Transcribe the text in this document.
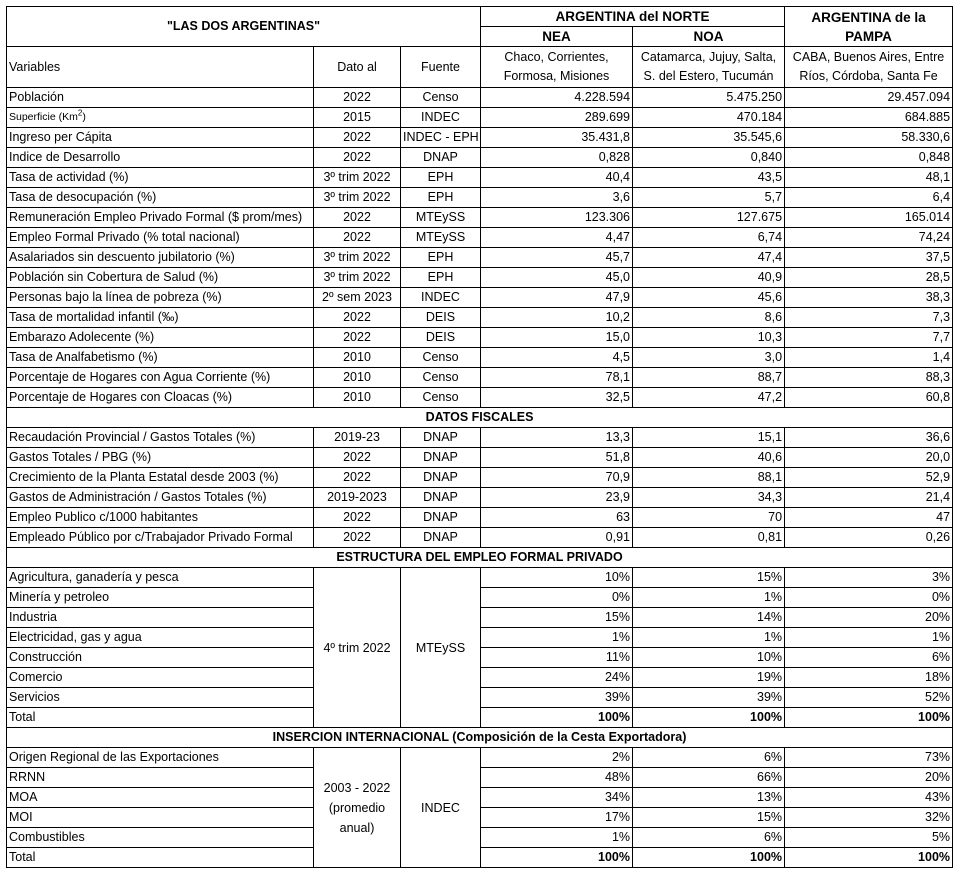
"LAS DOS ARGENTINAS"			ARGENTINA del NORTE		ARGENTINA de la PAMPA
			NEA	NOA	
Variables	Dato al	Fuente	Chaco, Corrientes, Formosa, Misiones	Catamarca, Jujuy, Salta, S. del Estero, Tucumán	CABA, Buenos Aires, Entre Ríos, Córdoba, Santa Fe
Población	2022	Censo	4.228.594	5.475.250	29.457.094
Superficie (Km$^2$)	2015	INDEC	289.699	470.184	684.885
Ingreso per Cápita	2022	INDEC - EPH	35.431,8	35.545,6	58.330,6
Indice de Desarrollo	2022	DNAP	0,828	0,840	0,848
Tasa de actividad (%)	3º trim 2022	EPH	40,4	43,5	48,1
Tasa de desocupación (%)	3º trim 2022	EPH	3,6	5,7	6,4
Remuneración Empleo Privado Formal ($ prom/mes)	2022	MTEySS	123.306	127.675	165.014
Empleo Formal Privado (% total nacional)	2022	MTEySS	4,47	6,74	74,24
Asalariados sin descuento jubilatorio (%)	3º trim 2022	EPH	45,7	47,4	37,5
Población sin Cobertura de Salud (%)	3º trim 2022	EPH	45,0	40,9	28,5
Personas bajo la línea de pobreza (%)	2º sem 2023	INDEC	47,9	45,6	38,3
Tasa de mortalidad infantil (‰)	2022	DEIS	10,2	8,6	7,3
Embarazo Adolecente (%)	2022	DEIS	15,0	10,3	7,7
Tasa de Analfabetismo (%)	2010	Censo	4,5	3,0	1,4
Porcentaje de Hogares con Agua Corriente (%)	2010	Censo	78,1	88,7	88,3
Porcentaje de Hogares con Cloacas (%)	2010	Censo	32,5	47,2	60,8
DATOS FISCALES					
Recaudación Provincial / Gastos Totales (%)	2019-23	DNAP	13,3	15,1	36,6
Gastos Totales / PBG (%)	2022	DNAP	51,8	40,6	20,0
Crecimiento de la Planta Estatal desde 2003 (%)	2022	DNAP	70,9	88,1	52,9
Gastos de Administración / Gastos Totales (%)	2019-2023	DNAP	23,9	34,3	21,4
Empleo Publico c/1000 habitantes	2022	DNAP	63	70	47
Empleado Público por c/Trabajador Privado Formal	2022	DNAP	0,91	0,81	0,26
ESTRUCTURA DEL EMPLEO FORMAL PRIVADO					
Agricultura, ganadería y pesca	4º trim 2022	MTEySS	10%	15%	3%
Minería y petroleo			0%	1%	0%
Industria			15%	14%	20%
Electricidad, gas y agua			1%	1%	1%
Construcción			11%	10%	6%
Comercio			24%	19%	18%
Servicios			39%	39%	52%
Total			100%	100%	100%
INSERCION INTERNACIONAL (Composición de la Cesta Exportadora)					
Origen Regional de las Exportaciones	2003 - 2022 (promedio anual)	INDEC	2%	6%	73%
RRNN			48%	66%	20%
MOA			34%	13%	43%
MOI			17%	15%	32%
Combustibles			1%	6%	5%
Total			100%	100%	100%
